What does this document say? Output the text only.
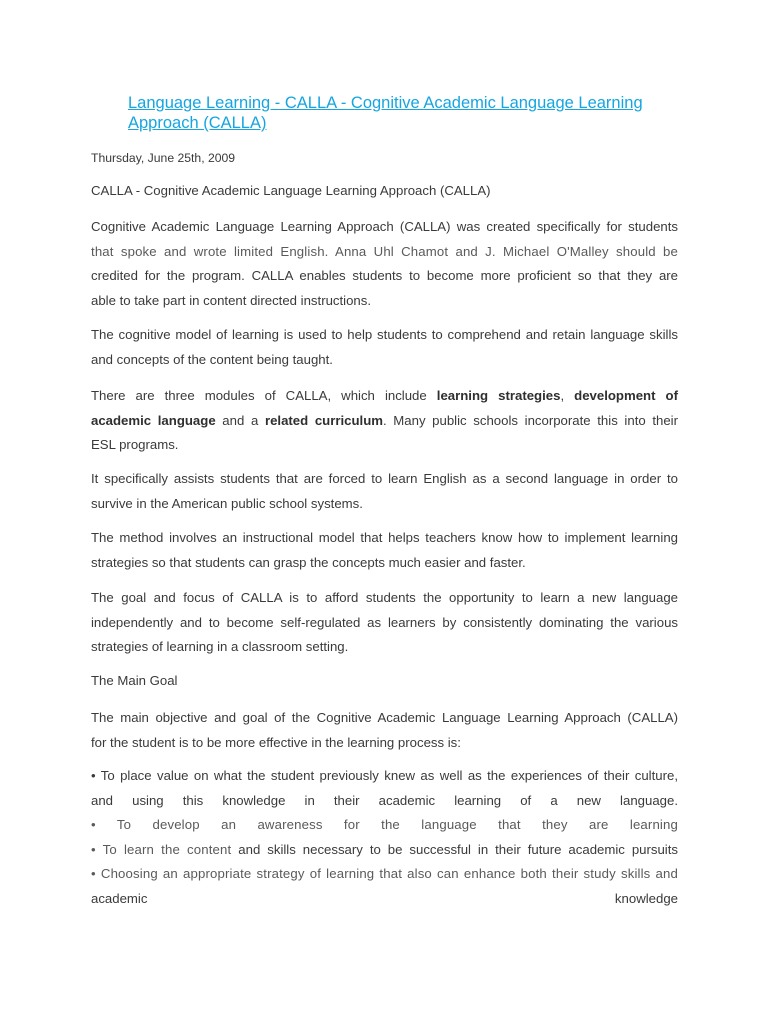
Language Learning - CALLA - Cognitive Academic Language Learning
Approach (CALLA)

Thursday, June 25th, 2009

CALLA - Cognitive Academic Language Learning Approach (CALLA)

Cognitive Academic Language Learning Approach (CALLA) was created specifically for students
that spoke and wrote limited English. Anna Uhl Chamot and J. Michael O'Malley should be
credited for the program. CALLA enables students to become more proficient so that they are
able to take part in content directed instructions.

The cognitive model of learning is used to help students to comprehend and retain language skills
and concepts of the content being taught.

There are three modules of CALLA, which include learning strategies, development of
academic language and a related curriculum. Many public schools incorporate this into their
ESL programs.

It specifically assists students that are forced to learn English as a second language in order to
survive in the American public school systems.

The method involves an instructional model that helps teachers know how to implement learning
strategies so that students can grasp the concepts much easier and faster.

The goal and focus of CALLA is to afford students the opportunity to learn a new language
independently and to become self-regulated as learners by consistently dominating the various
strategies of learning in a classroom setting.

The Main Goal

The main objective and goal of the Cognitive Academic Language Learning Approach (CALLA)
for the student is to be more effective in the learning process is:

• To place value on what the student previously knew as well as the experiences of their culture,
and using this knowledge in their academic learning of a new language.
• To develop an awareness for the language that they are learning
• To learn the content and skills necessary to be successful in their future academic pursuits
• Choosing an appropriate strategy of learning that also can enhance both their study skills and
academic knowledge
